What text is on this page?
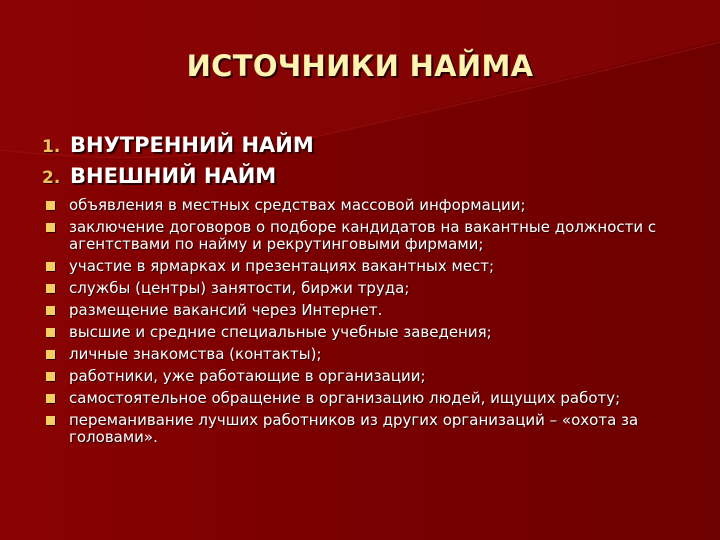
ИСТОЧНИКИ НАЙМА
1. ВНУТРЕННИЙ НАЙМ
2. ВНЕШНИЙ НАЙМ
объявления в местных средствах массовой информации;
заключение договоров о подборе кандидатов на вакантные должности с агентствами по найму и рекрутинговыми фирмами;
участие в ярмарках и презентациях вакантных мест;
службы (центры) занятости, биржи труда;
размещение вакансий через Интернет.
высшие и средние специальные учебные заведения;
личные знакомства (контакты);
работники, уже работающие в организации;
самостоятельное обращение в организацию людей, ищущих работу;
переманивание лучших работников из других организаций – «охота за головами».
